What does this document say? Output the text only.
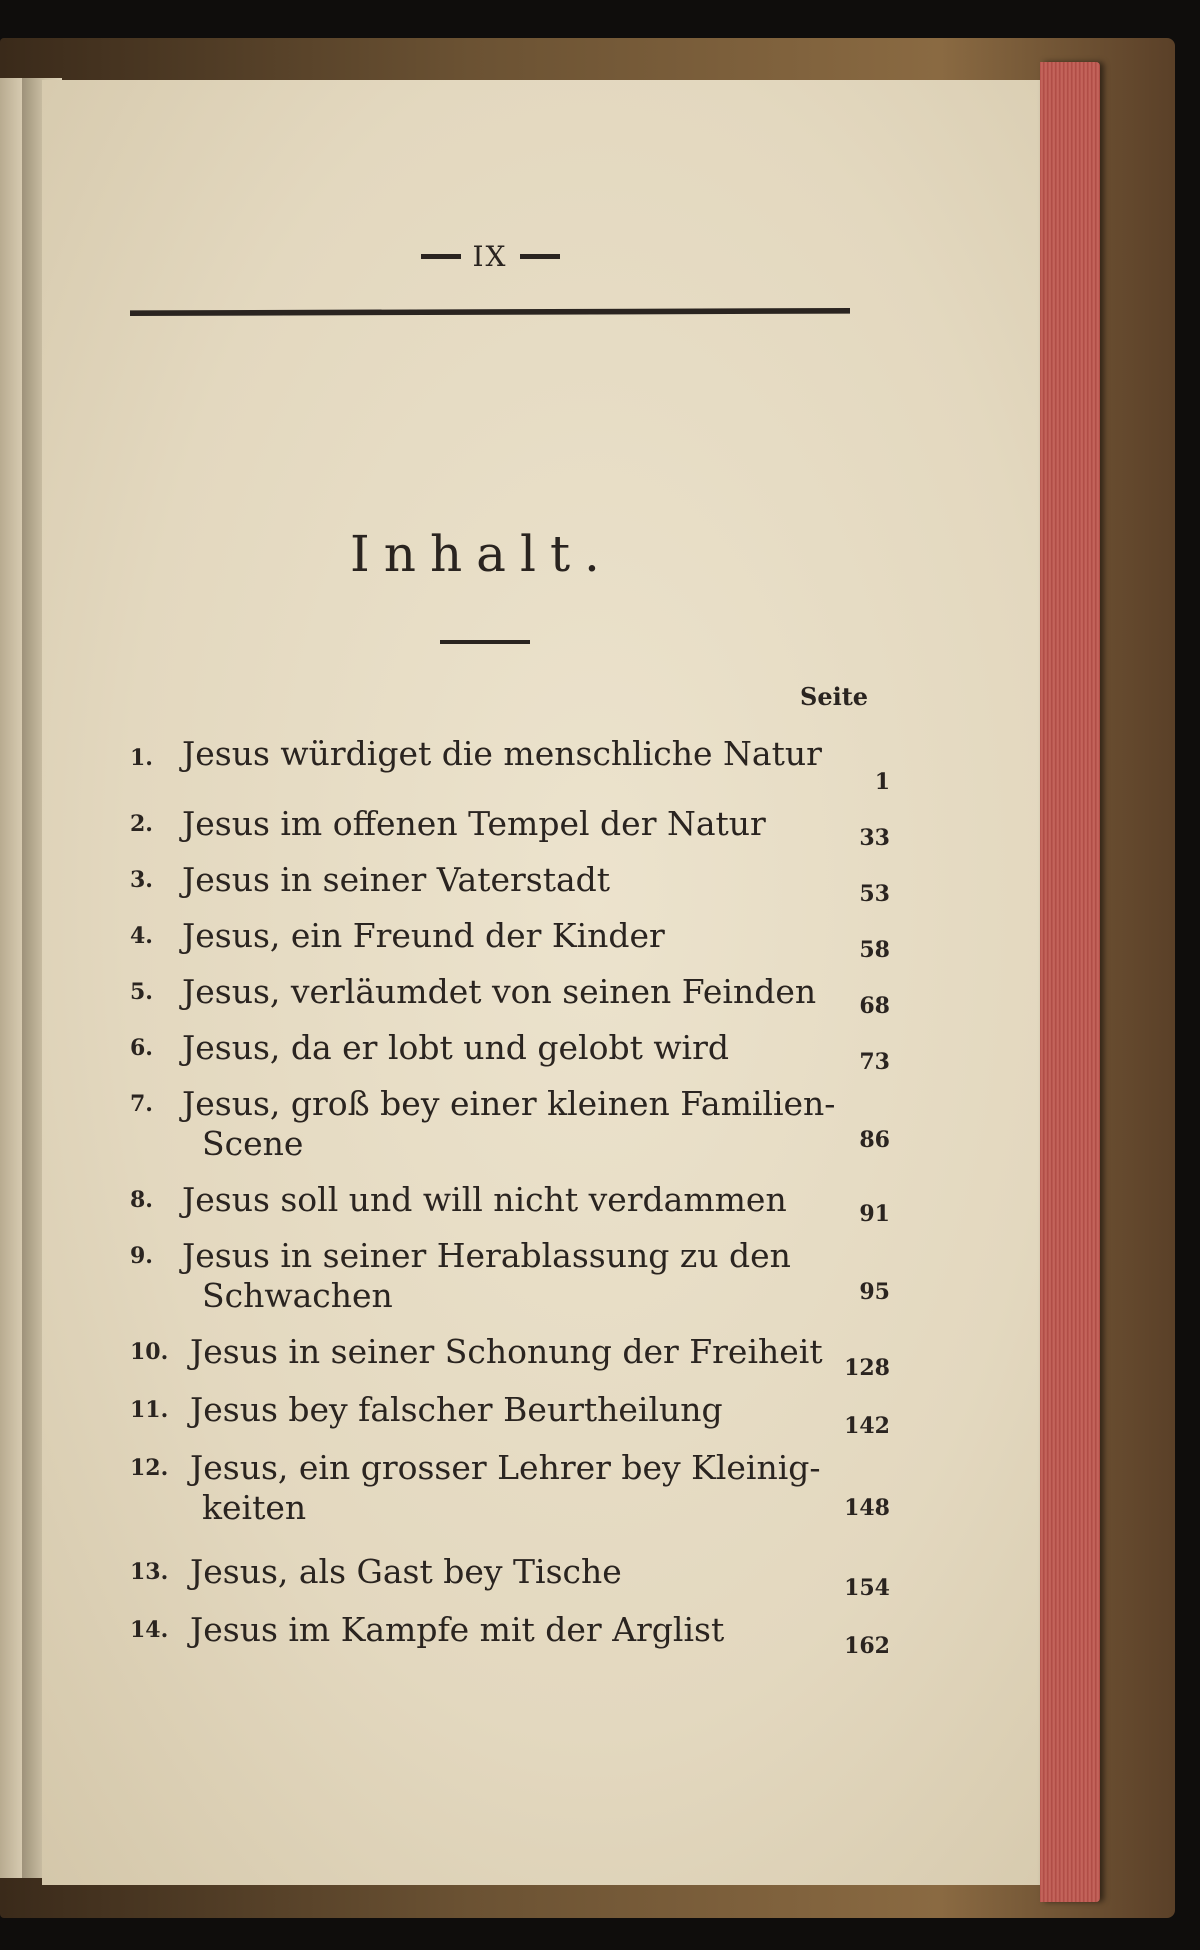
IX
Inhalt.
Seite
1. Jesus würdiget die menschliche Natur
1
2. Jesus im offenen Tempel der Natur	33
3. Jesus in seiner Vaterstadt	53
4. Jesus, ein Freund der Kinder	58
5. Jesus, verläumdet von seinen Feinden	68
6. Jesus, da er lobt und gelobt wird	73
7. Jesus, groß bey einer kleinen Familien-
Scene	86
8. Jesus soll und will nicht verdammen	91
9. Jesus in seiner Herablassung zu den
Schwachen	95
10. Jesus in seiner Schonung der Freiheit 128
11. Jesus bey falscher Beurtheilung	142
12. Jesus, ein grosser Lehrer bey Kleinig-
keiten	148
13. Jesus, als Gast bey Tische	154
14. Jesus im Kampfe mit der Arglist	162
